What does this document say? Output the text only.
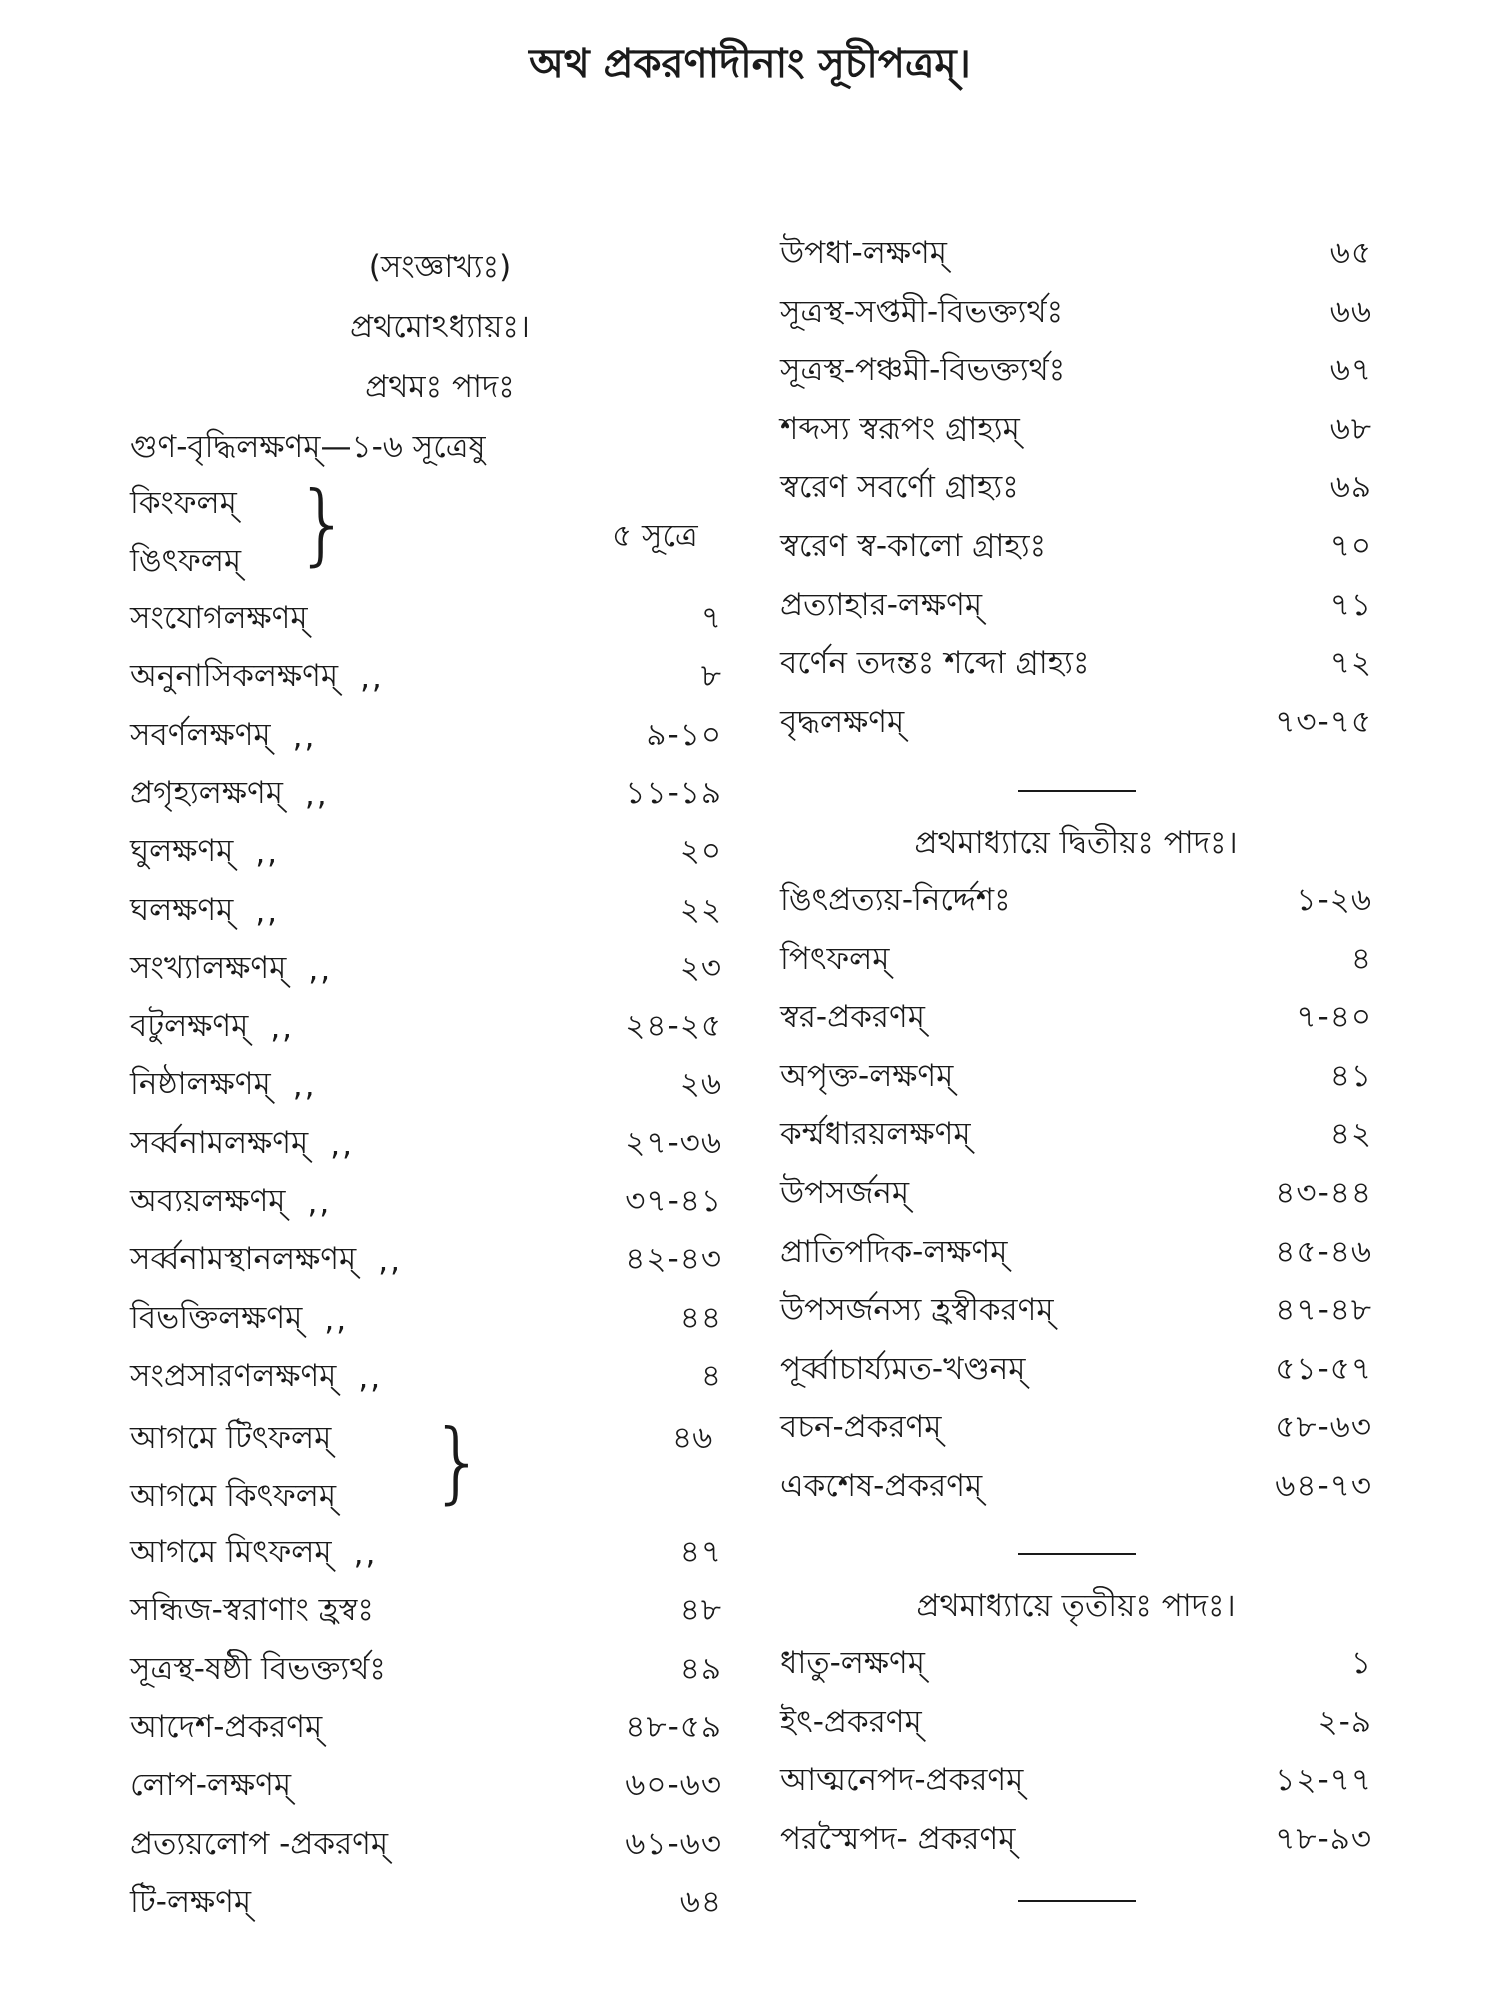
অথ প্রকরণাদীনাং সূচীপত্রম্।
(সংজ্ঞাখ্যঃ)
প্রথমোঽধ্যায়ঃ।
প্রথমঃ পাদঃ
গুণ-বৃদ্ধিলক্ষণম্—১-৬ সূত্রেষু
কিংফলম্
ঙিৎফলম্ }	৫ সূত্রে
সংযোগলক্ষণম্	৭
অনুনাসিকলক্ষণম্ ,,	৮
সবর্ণলক্ষণম্ ,,	৯-১০
প্রগৃহ্যলক্ষণম্ ,,	১১-১৯
ঘুলক্ষণম্ ,,	২০
ঘলক্ষণম্ ,,	২২
সংখ্যালক্ষণম্ ,,	২৩
বটুলক্ষণম্ ,,	২৪-২৫
নিষ্ঠালক্ষণম্ ,,	২৬
সর্ব্বনামলক্ষণম্ ,,	২৭-৩৬
অব্যয়লক্ষণম্ ,,	৩৭-৪১
সর্ব্বনামস্থানলক্ষণম্ ,,	৪২-৪৩
বিভক্তিলক্ষণম্ ,,	৪৪
সংপ্রসারণলক্ষণম্ ,,	৪
আগমে টিৎফলম্
আগমে কিৎফলম্ }	৪৬
আগমে মিৎফলম্ ,,	৪৭
সন্ধিজ-স্বরাণাং হ্রস্বঃ	৪৮
সূত্রস্থ-ষষ্ঠী বিভক্ত্যর্থঃ	৪৯
আদেশ-প্রকরণম্	৪৮-৫৯
লোপ-লক্ষণম্	৬০-৬৩
প্রত্যয়লোপ -প্রকরণম্	৬১-৬৩
টি-লক্ষণম্	৬৪
উপধা-লক্ষণম্	৬৫
সূত্রস্থ-সপ্তমী-বিভক্ত্যর্থঃ	৬৬
সূত্রস্থ-পঞ্চমী-বিভক্ত্যর্থঃ	৬৭
শব্দস্য স্বরূপং গ্রাহ্যম্	৬৮
স্বরেণ সবর্ণো গ্রাহ্যঃ	৬৯
স্বরেণ স্ব-কালো গ্রাহ্যঃ	৭০
প্রত্যাহার-লক্ষণম্	৭১
বর্ণেন তদন্তঃ শব্দো গ্রাহ্যঃ	৭২
বৃদ্ধলক্ষণম্	৭৩-৭৫
প্রথমাধ্যায়ে দ্বিতীয়ঃ পাদঃ।
ঙিৎপ্রত্যয়-নির্দ্দেশঃ	১-২৬
পিৎফলম্	৪
স্বর-প্রকরণম্	৭-৪০
অপৃক্ত-লক্ষণম্	৪১
কর্ম্মধারয়লক্ষণম্	৪২
উপসর্জনম্	৪৩-৪৪
প্রাতিপদিক-লক্ষণম্	৪৫-৪৬
উপসর্জনস্য হ্রস্বীকরণম্	৪৭-৪৮
পূর্ব্বাচার্য্যমত-খণ্ডনম্	৫১-৫৭
বচন-প্রকরণম্	৫৮-৬৩
একশেষ-প্রকরণম্	৬৪-৭৩
প্রথমাধ্যায়ে তৃতীয়ঃ পাদঃ।
ধাতু-লক্ষণম্	১
ইৎ-প্রকরণম্	২-৯
আত্মনেপদ-প্রকরণম্	১২-৭৭
পরস্মৈপদ- প্রকরণম্	৭৮-৯৩
